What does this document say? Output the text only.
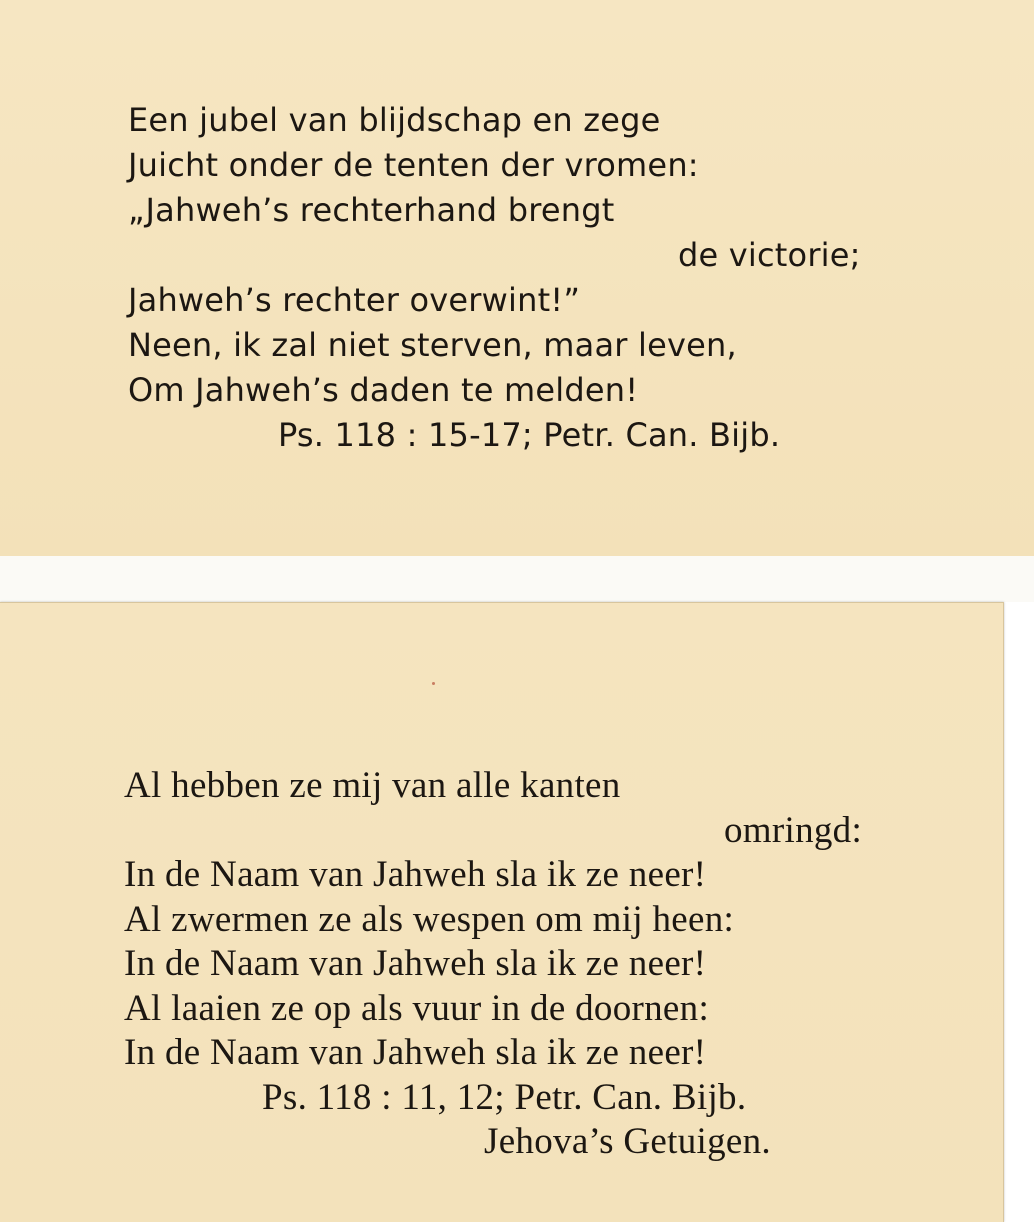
Een jubel van blijdschap en zege
Juicht onder de tenten der vromen:
„Jahweh’s rechterhand brengt
de victorie;
Jahweh’s rechter overwint!”
Neen, ik zal niet sterven, maar leven,
Om Jahweh’s daden te melden!
Ps. 118 : 15-17; Petr. Can. Bijb.
Al hebben ze mij van alle kanten
omringd:
In de Naam van Jahweh sla ik ze neer!
Al zwermen ze als wespen om mij heen:
In de Naam van Jahweh sla ik ze neer!
Al laaien ze op als vuur in de doornen:
In de Naam van Jahweh sla ik ze neer!
Ps. 118 : 11, 12; Petr. Can. Bijb.
Jehova’s Getuigen.
